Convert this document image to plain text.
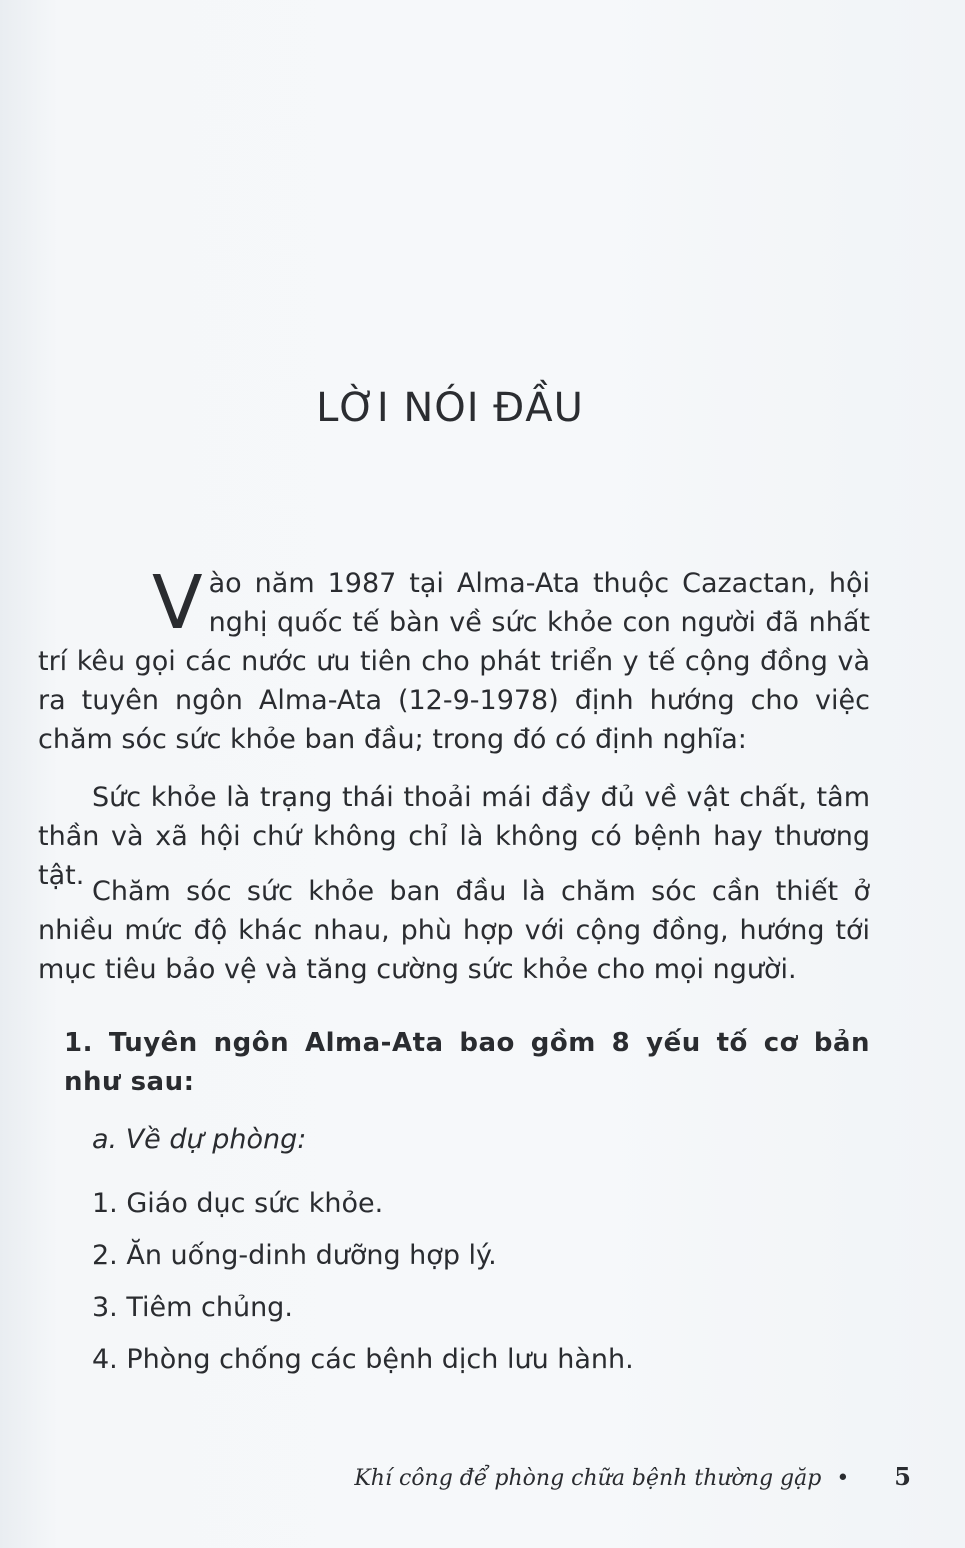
LỜI NÓI ĐẦU

Vào năm 1987 tại Alma-Ata thuộc Cazactan, hội nghị quốc tế bàn về sức khỏe con người đã nhất trí kêu gọi các nước ưu tiên cho phát triển y tế cộng đồng và ra tuyên ngôn Alma-Ata (12-9-1978) định hướng cho việc chăm sóc sức khỏe ban đầu; trong đó có định nghĩa:

Sức khỏe là trạng thái thoải mái đầy đủ về vật chất, tâm thần và xã hội chứ không chỉ là không có bệnh hay thương tật.

Chăm sóc sức khỏe ban đầu là chăm sóc cần thiết ở nhiều mức độ khác nhau, phù hợp với cộng đồng, hướng tới mục tiêu bảo vệ và tăng cường sức khỏe cho mọi người.

1. Tuyên ngôn Alma-Ata bao gồm 8 yếu tố cơ bản như sau:

a. Về dự phòng:

1. Giáo dục sức khỏe.
2. Ăn uống-dinh dưỡng hợp lý.
3. Tiêm chủng.
4. Phòng chống các bệnh dịch lưu hành.
Khí công để phòng chữa bệnh thường gặp • 5
